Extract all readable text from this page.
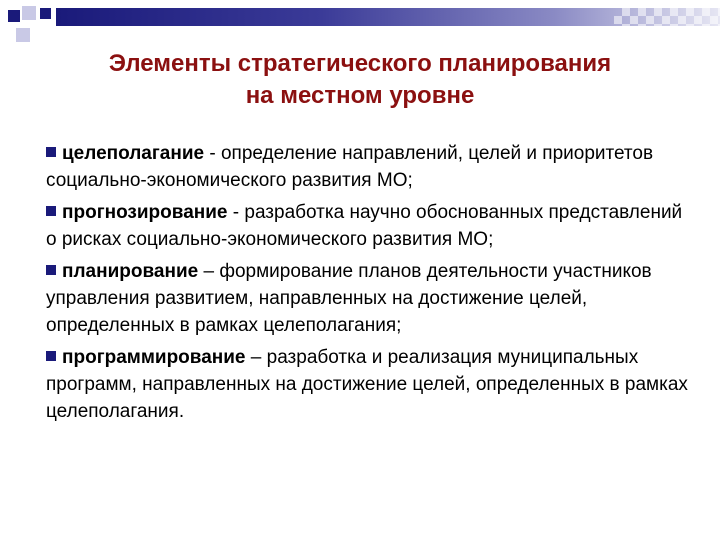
Элементы стратегического планирования
на местном уровне
целеполагание - определение направлений, целей и приоритетов социально-экономического развития МО;
прогнозирование - разработка научно обоснованных представлений о рисках социально-экономического развития МО;
планирование – формирование планов деятельности участников управления развитием, направленных на достижение целей, определенных в рамках целеполагания;
программирование – разработка и реализация муниципальных программ, направленных на достижение целей, определенных в рамках целеполагания.
